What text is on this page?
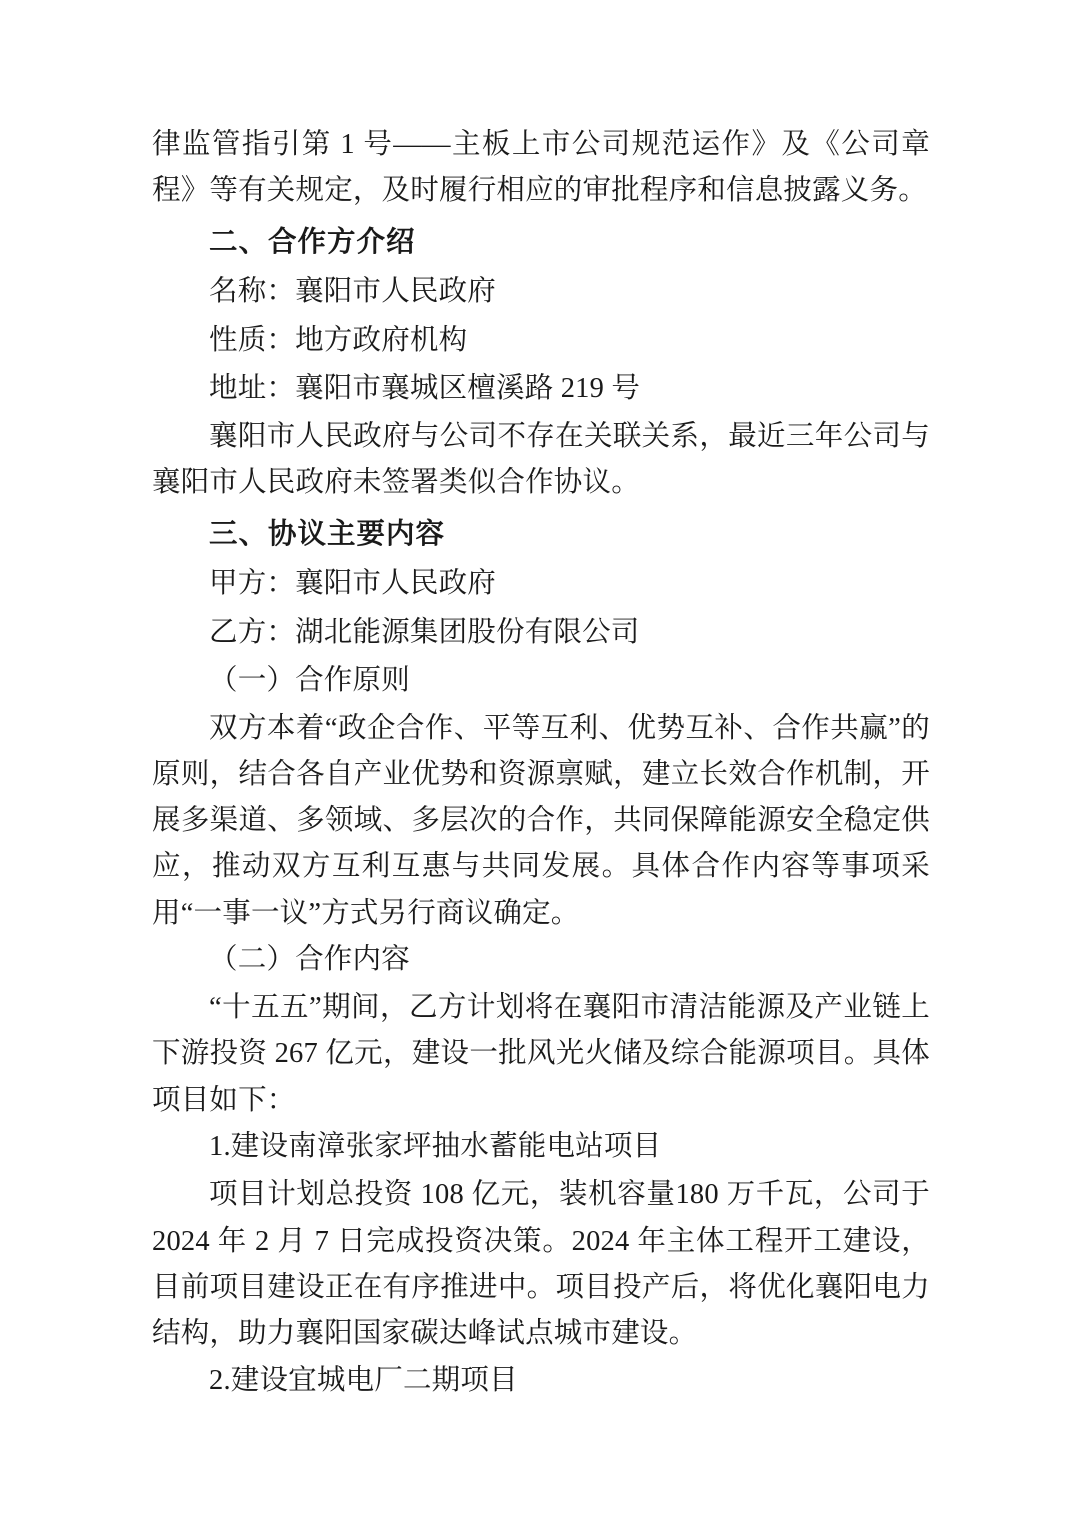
律监管指引第 1 号——主板上市公司规范运作》及《公司章程》等有关规定，及时履行相应的审批程序和信息披露义务。

二、合作方介绍

名称：襄阳市人民政府

性质：地方政府机构

地址：襄阳市襄城区檀溪路 219 号

襄阳市人民政府与公司不存在关联关系，最近三年公司与襄阳市人民政府未签署类似合作协议。

三、协议主要内容

甲方：襄阳市人民政府

乙方：湖北能源集团股份有限公司

（一）合作原则

双方本着“政企合作、平等互利、优势互补、合作共赢”的原则，结合各自产业优势和资源禀赋，建立长效合作机制，开展多渠道、多领域、多层次的合作，共同保障能源安全稳定供应，推动双方互利互惠与共同发展。具体合作内容等事项采用“一事一议”方式另行商议确定。

（二）合作内容

“十五五”期间，乙方计划将在襄阳市清洁能源及产业链上下游投资 267 亿元，建设一批风光火储及综合能源项目。具体项目如下：

1.建设南漳张家坪抽水蓄能电站项目

项目计划总投资 108 亿元，装机容量180 万千瓦，公司于 2024 年 2 月 7 日完成投资决策。2024 年主体工程开工建设，目前项目建设正在有序推进中。项目投产后，将优化襄阳电力结构，助力襄阳国家碳达峰试点城市建设。

2.建设宜城电厂二期项目
